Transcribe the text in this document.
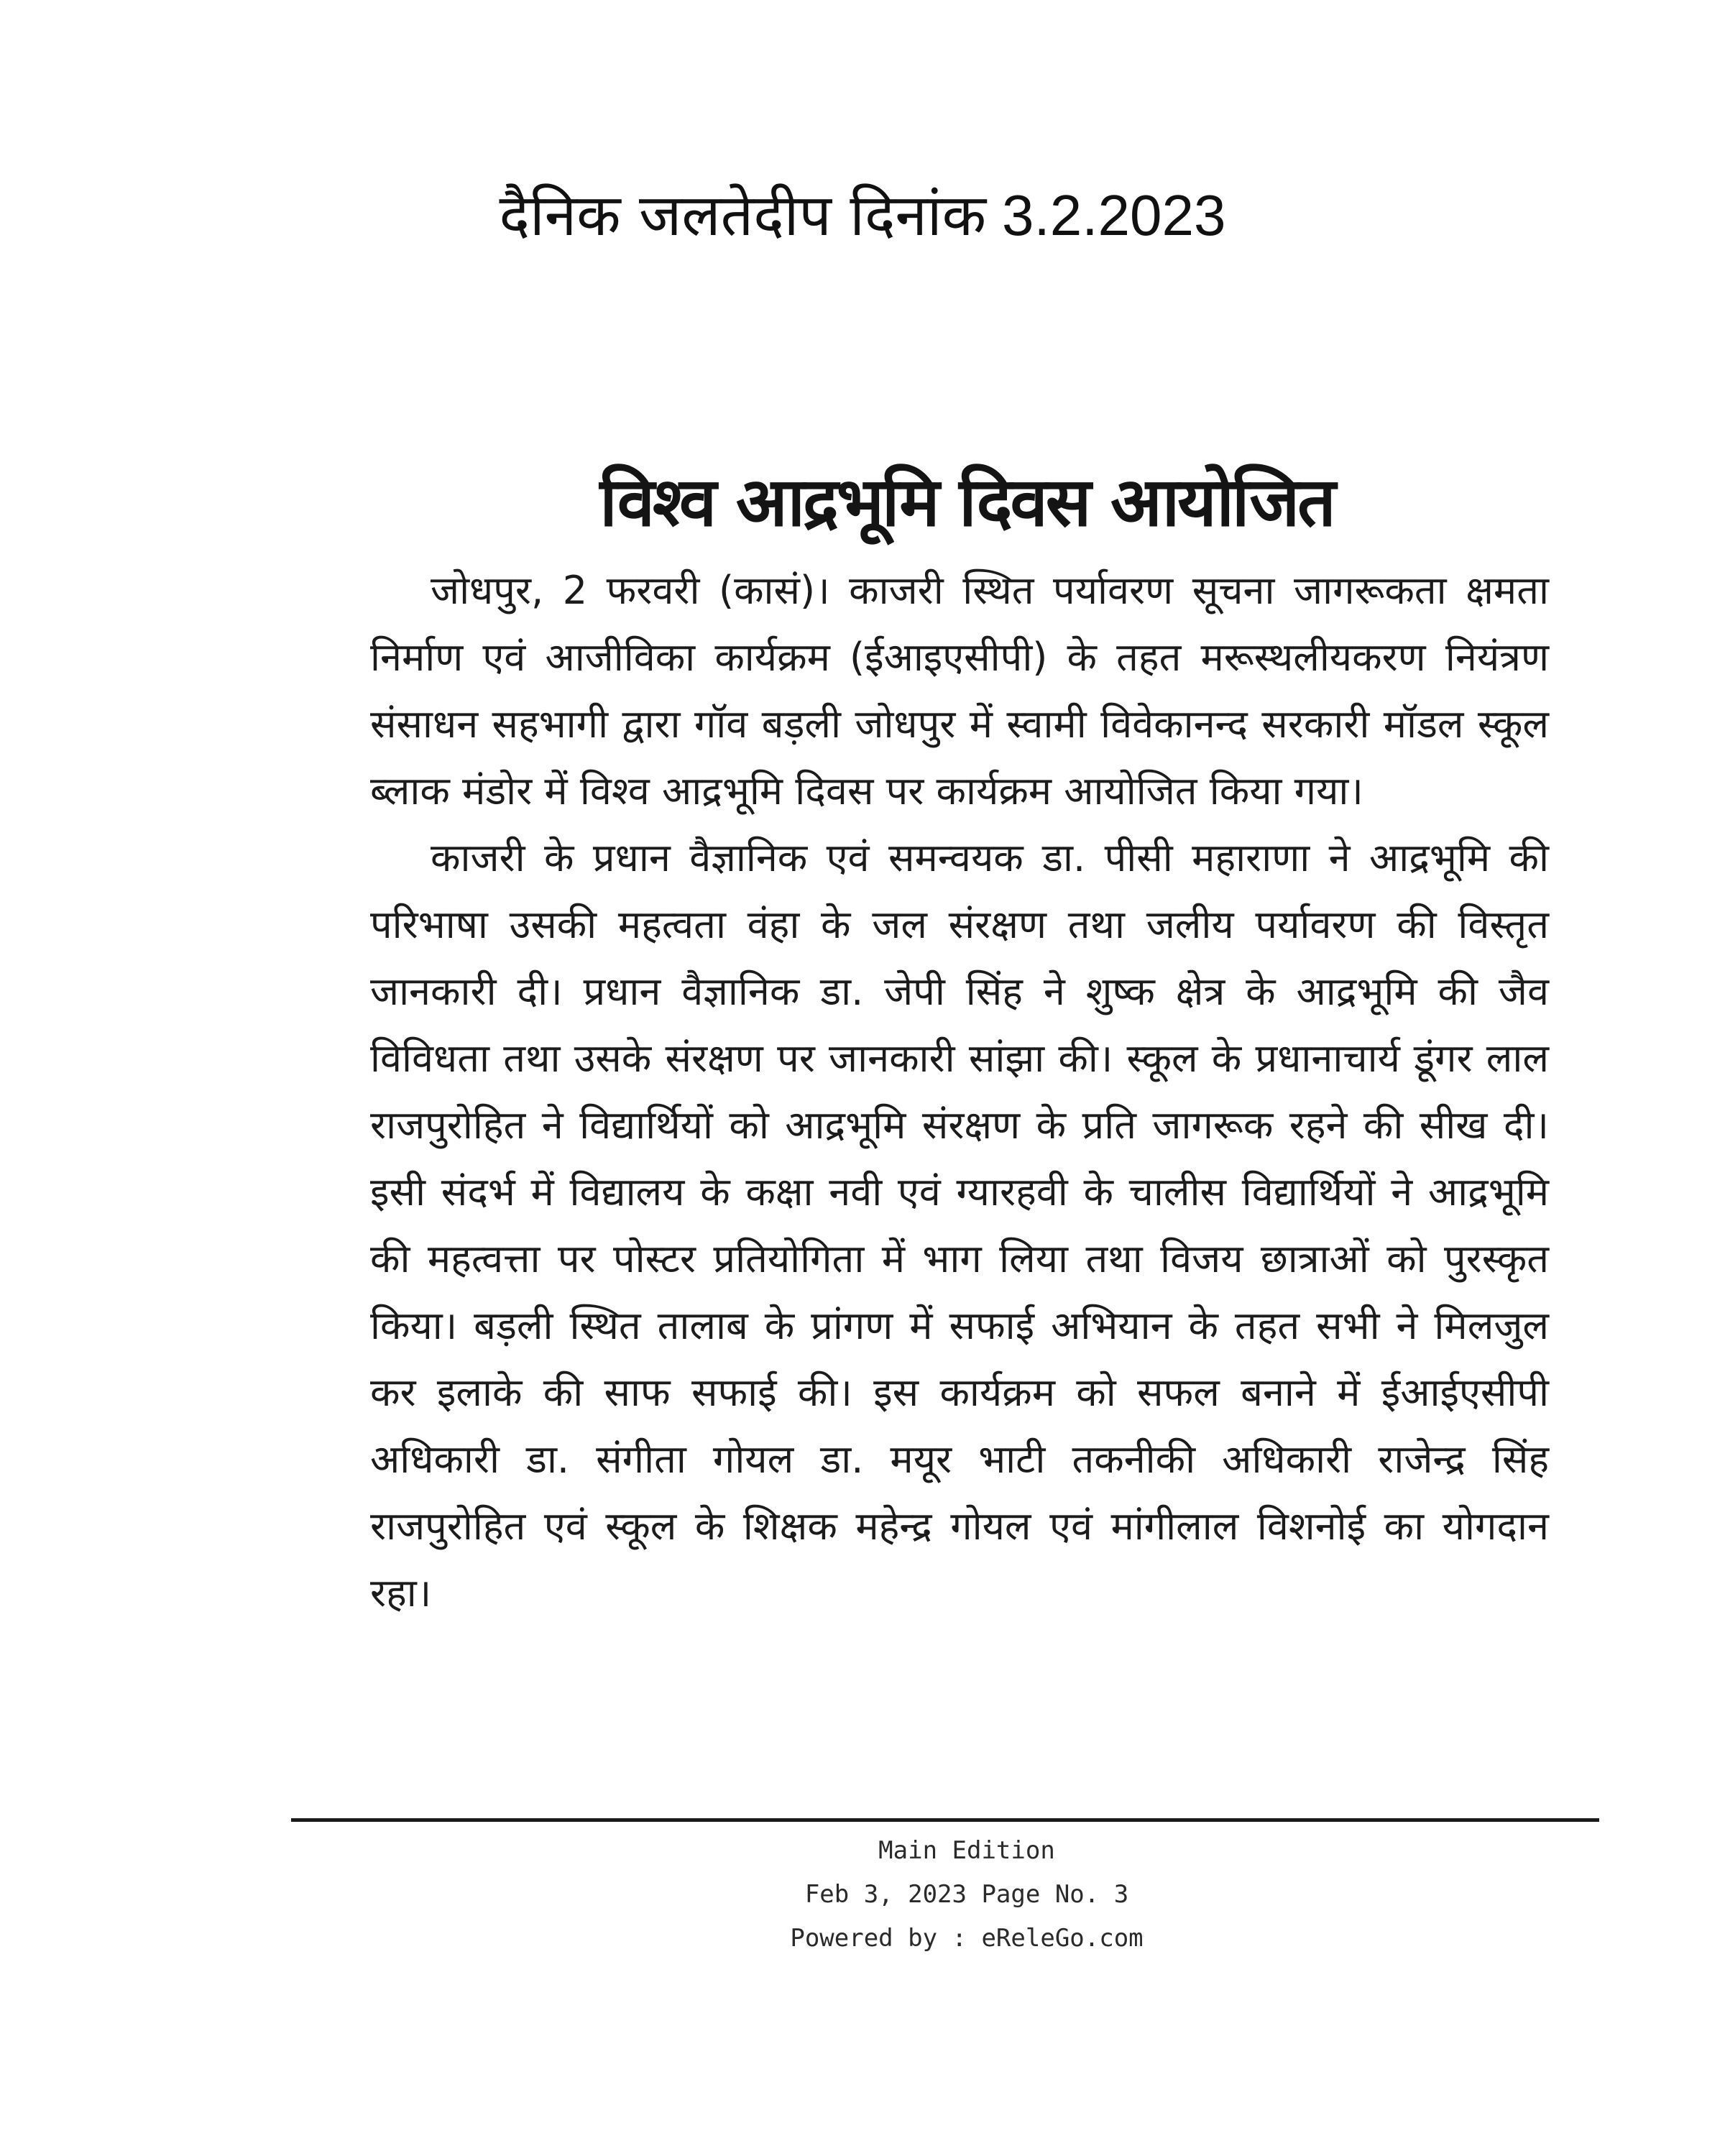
दैनिक जलतेदीप दिनांक 3.2.2023
विश्व आद्रभूमि दिवस आयोजित

जोधपुर, 2 फरवरी (कासं)। काजरी स्थित पर्यावरण सूचना जागरूकता क्षमता निर्माण एवं आजीविका कार्यक्रम (ईआइएसीपी) के तहत मरूस्थलीयकरण नियंत्रण संसाधन सहभागी द्वारा गॉव बड़ली जोधपुर में स्वामी विवेकानन्द सरकारी मॉडल स्कूल ब्लाक मंडोर में विश्व आद्रभूमि दिवस पर कार्यक्रम आयोजित किया गया।

काजरी के प्रधान वैज्ञानिक एवं समन्वयक डा. पीसी महाराणा ने आद्रभूमि की परिभाषा उसकी महत्वता वंहा के जल संरक्षण तथा जलीय पर्यावरण की विस्तृत जानकारी दी। प्रधान वैज्ञानिक डा. जेपी सिंह ने शुष्क क्षेत्र के आद्रभूमि की जैव विविधता तथा उसके संरक्षण पर जानकारी सांझा की। स्कूल के प्रधानाचार्य डूंगर लाल राजपुरोहित ने विद्यार्थियों को आद्रभूमि संरक्षण के प्रति जागरूक रहने की सीख दी। इसी संदर्भ में विद्यालय के कक्षा नवी एवं ग्यारहवी के चालीस विद्यार्थियों ने आद्रभूमि की महत्वत्ता पर पोस्टर प्रतियोगिता में भाग लिया तथा विजय छात्राओं को पुरस्कृत किया। बड़ली स्थित तालाब के प्रांगण में सफाई अभियान के तहत सभी ने मिलजुल कर इलाके की साफ सफाई की। इस कार्यक्रम को सफल बनाने में ईआईएसीपी अधिकारी डा. संगीता गोयल डा. मयूर भाटी तकनीकी अधिकारी राजेन्द्र सिंह राजपुरोहित एवं स्कूल के शिक्षक महेन्द्र गोयल एवं मांगीलाल विशनोई का योगदान रहा।

Main Edition
Feb 3, 2023 Page No. 3
Powered by : eReleGo.com
